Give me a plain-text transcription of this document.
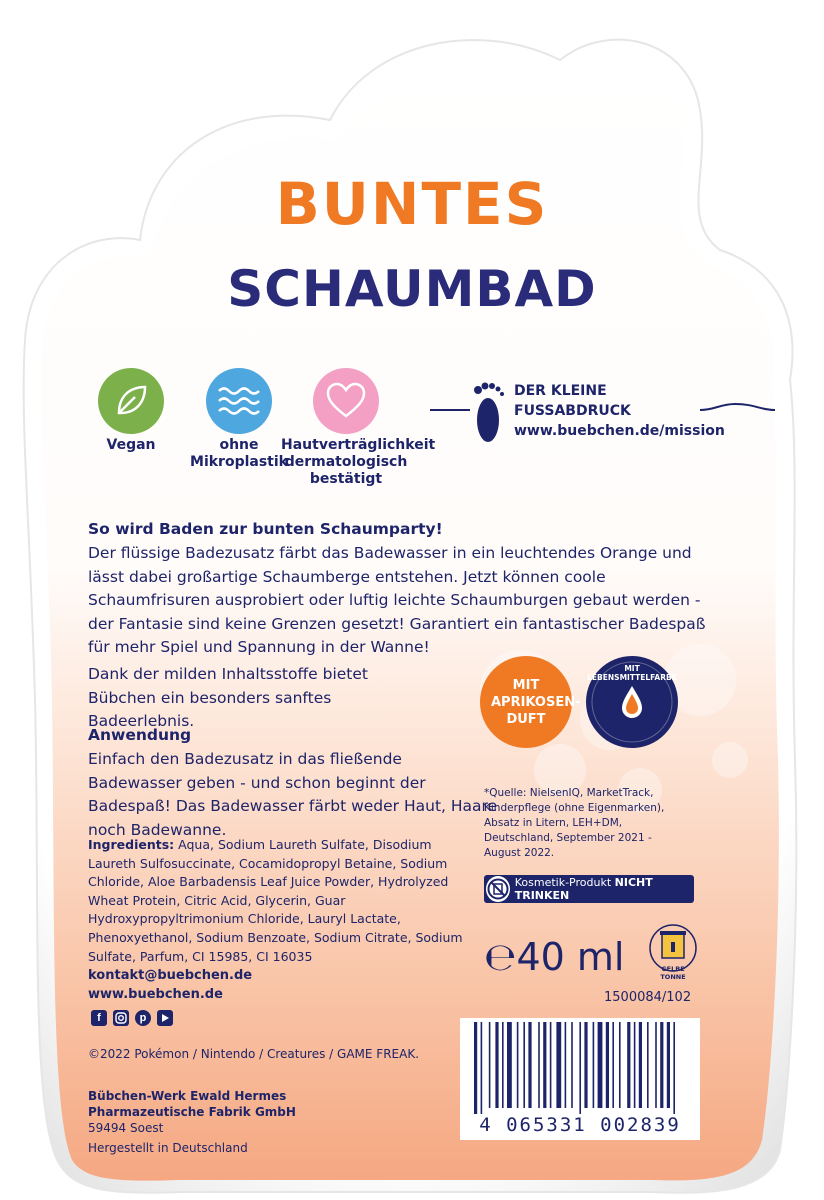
BUNTES
SCHAUMBAD
Vegan	ohne
Mikroplastik
Hautverträglichkeit
dermatologisch
bestätigt
DER KLEINE
FUSSABDRUCK
www.buebchen.de/mission
So wird Baden zur bunten Schaumparty!
Der flüssige Badezusatz färbt das Badewasser in ein leuchtendes Orange und lässt dabei großartige Schaumberge entstehen. Jetzt können coole Schaumfrisuren ausprobiert oder luftig leichte Schaumburgen gebaut werden - der Fantasie sind keine Grenzen gesetzt! Garantiert ein fantastischer Badespaß für mehr Spiel und Spannung in der Wanne!
Dank der milden Inhaltsstoffe bietet Bübchen ein besonders sanftes Badeerlebnis.
MIT APRIKOSEN-DUFT
MIT LEBENSMITTELFARBE
Anwendung
Einfach den Badezusatz in das fließende Badewasser geben - und schon beginnt der Badespaß! Das Badewasser färbt weder Haut, Haare noch Badewanne.
*Quelle: NielsenIQ, MarketTrack, Kinderpflege (ohne Eigenmarken), Absatz in Litern, LEH+DM, Deutschland, September 2021 - August 2022.
Ingredients: Aqua, Sodium Laureth Sulfate, Disodium Laureth Sulfosuccinate, Cocamidopropyl Betaine, Sodium Chloride, Aloe Barbadensis Leaf Juice Powder, Hydrolyzed Wheat Protein, Citric Acid, Glycerin, Guar Hydroxypropyltrimonium Chloride, Lauryl Lactate, Phenoxyethanol, Sodium Benzoate, Sodium Citrate, Sodium Sulfate, Parfum, CI 15985, CI 16035
Kosmetik-Produkt NICHT TRINKEN
℮40 ml	GELBE TONNE
kontakt@buebchen.de
www.buebchen.de
f	p
1500084/102
©2022 Pokémon / Nintendo / Creatures / GAME FREAK.
Bübchen-Werk Ewald Hermes
Pharmazeutische Fabrik GmbH
59494 Soest
Hergestellt in Deutschland
4 065331 002839
